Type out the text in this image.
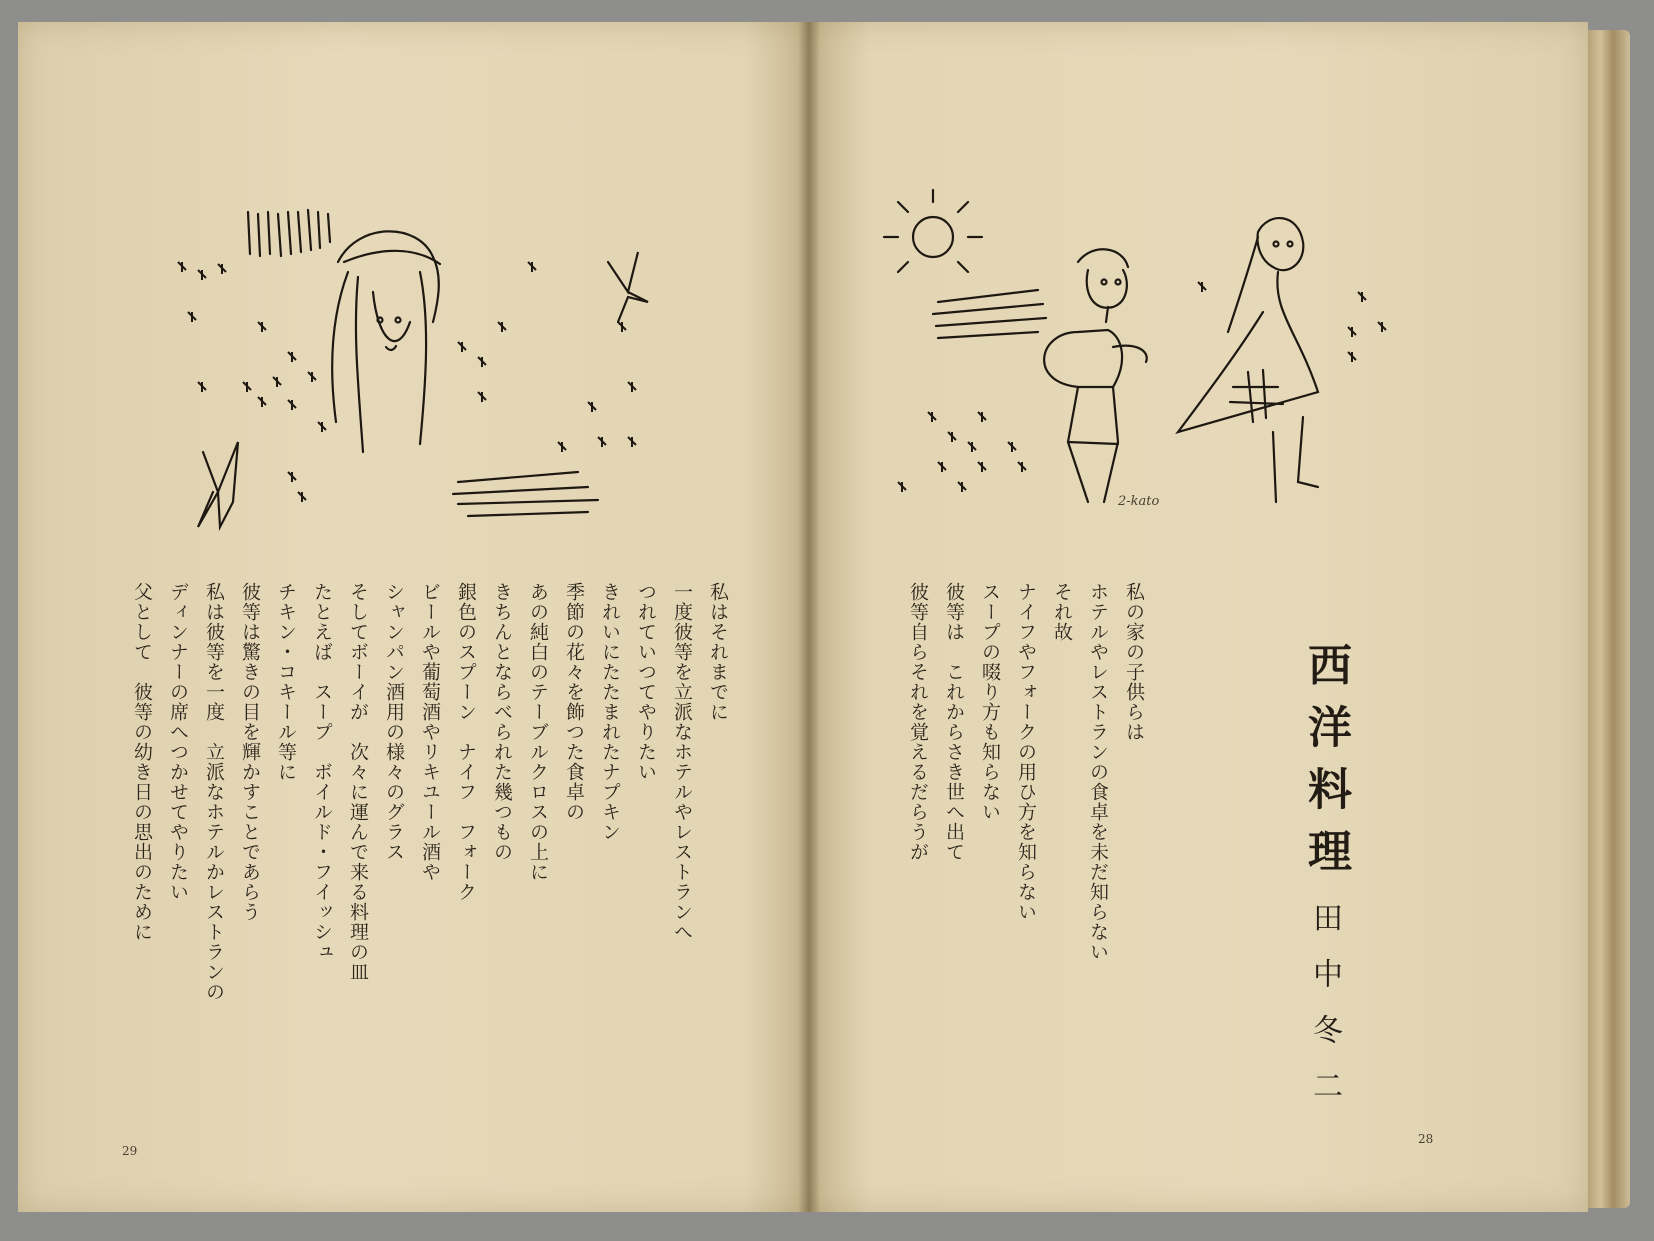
私はそれまでに
一度彼等を立派なホテルやレストランへ
つれていつてやりたい
きれいにたたまれたナプキン
季節の花々を飾つた食卓の
あの純白のテーブルクロスの上に
きちんとならべられた幾つもの
銀色のスプーン　ナイフ　フォーク
ビールや葡萄酒やリキユール酒や
シャンパン酒用の様々のグラス
そしてボーイが　次々に運んで来る料理の皿
たとえば　スープ　ボイルド・フイッシュ
チキン・コキール等に
彼等は驚きの目を輝かすことであらう
私は彼等を一度　立派なホテルかレストランの
ディンナーの席へつかせてやりたい
父として　彼等の幼き日の思出のために
29
2-kato
西洋料理
田中冬二
私の家の子供らは
ホテルやレストランの食卓を未だ知らない
それ故
ナイフやフォークの用ひ方を知らない
スープの啜り方も知らない
彼等は　これからさき世へ出て
彼等自らそれを覚えるだらうが
28
